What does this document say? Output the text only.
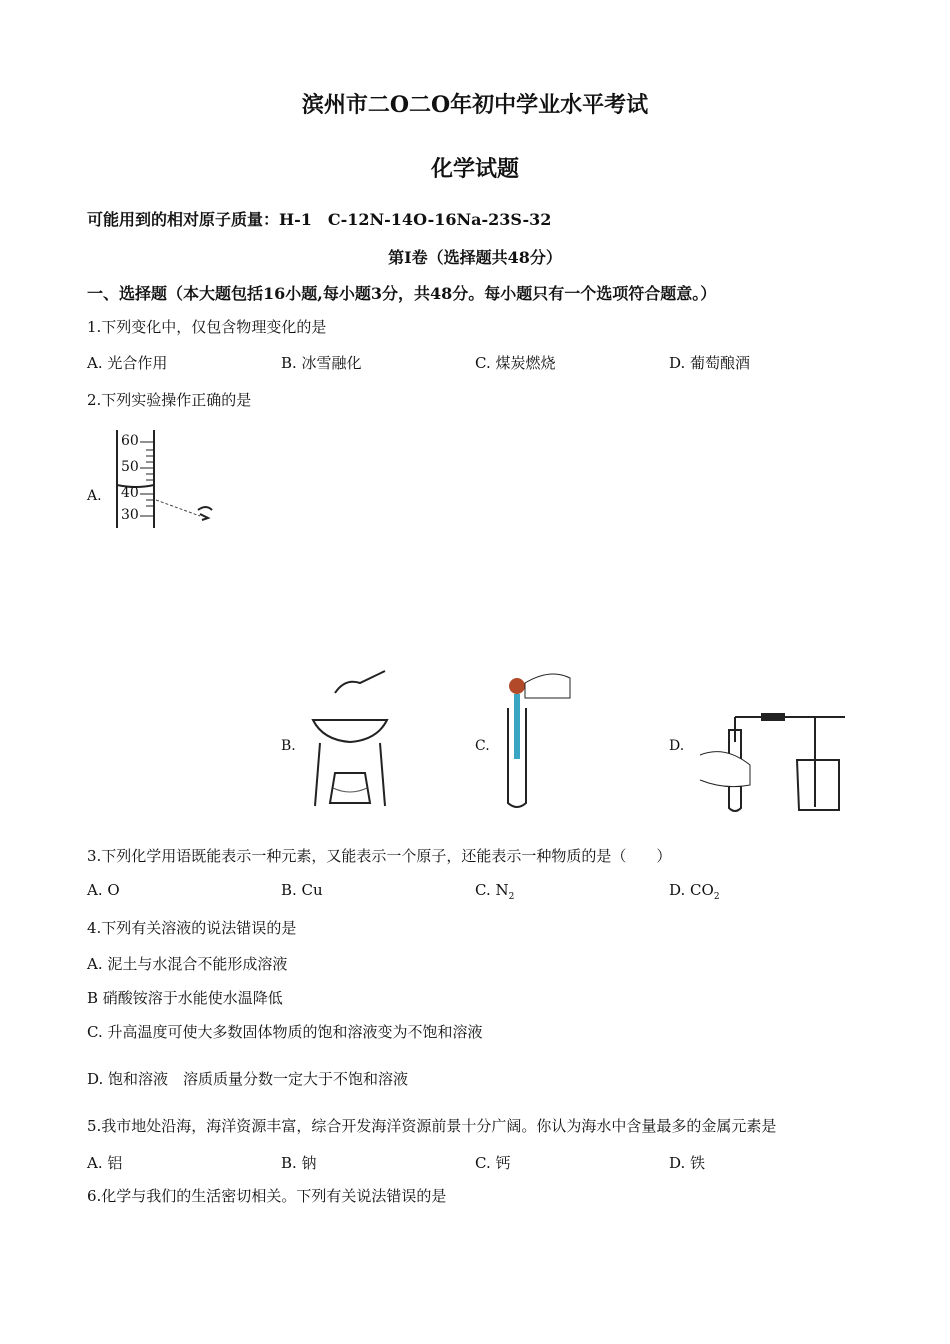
滨州市二O二O年初中学业水平考试
化学试题
可能用到的相对原子质量：H-1　C-12N-14O-16Na-23S-32
第I卷（选择题共48分）
一、选择题（本大题包括16小题,每小题3分，共48分。每小题只有一个选项符合题意。）
1.下列变化中，仅包含物理变化的是
A. 光合作用	B. 冰雪融化	C. 煤炭燃烧	D. 葡萄酿酒
2.下列实验操作正确的是
A.
60
50
40
30
B.	C.	D.
3.下列化学用语既能表示一种元素，又能表示一个原子，还能表示一种物质的是（　　）
A. O	B. Cu	C. $N_2$	D. $CO_2$
4.下列有关溶液的说法错误的是
A. 泥土与水混合不能形成溶液
B 硝酸铵溶于水能使水温降低
C. 升高温度可使大多数固体物质的饱和溶液变为不饱和溶液
D. 饱和溶液　溶质质量分数一定大于不饱和溶液
5.我市地处沿海，海洋资源丰富，综合开发海洋资源前景十分广阔。你认为海水中含量最多的金属元素是
A. 铝	B. 钠	C. 钙	D. 铁
6.化学与我们的生活密切相关。下列有关说法错误的是
